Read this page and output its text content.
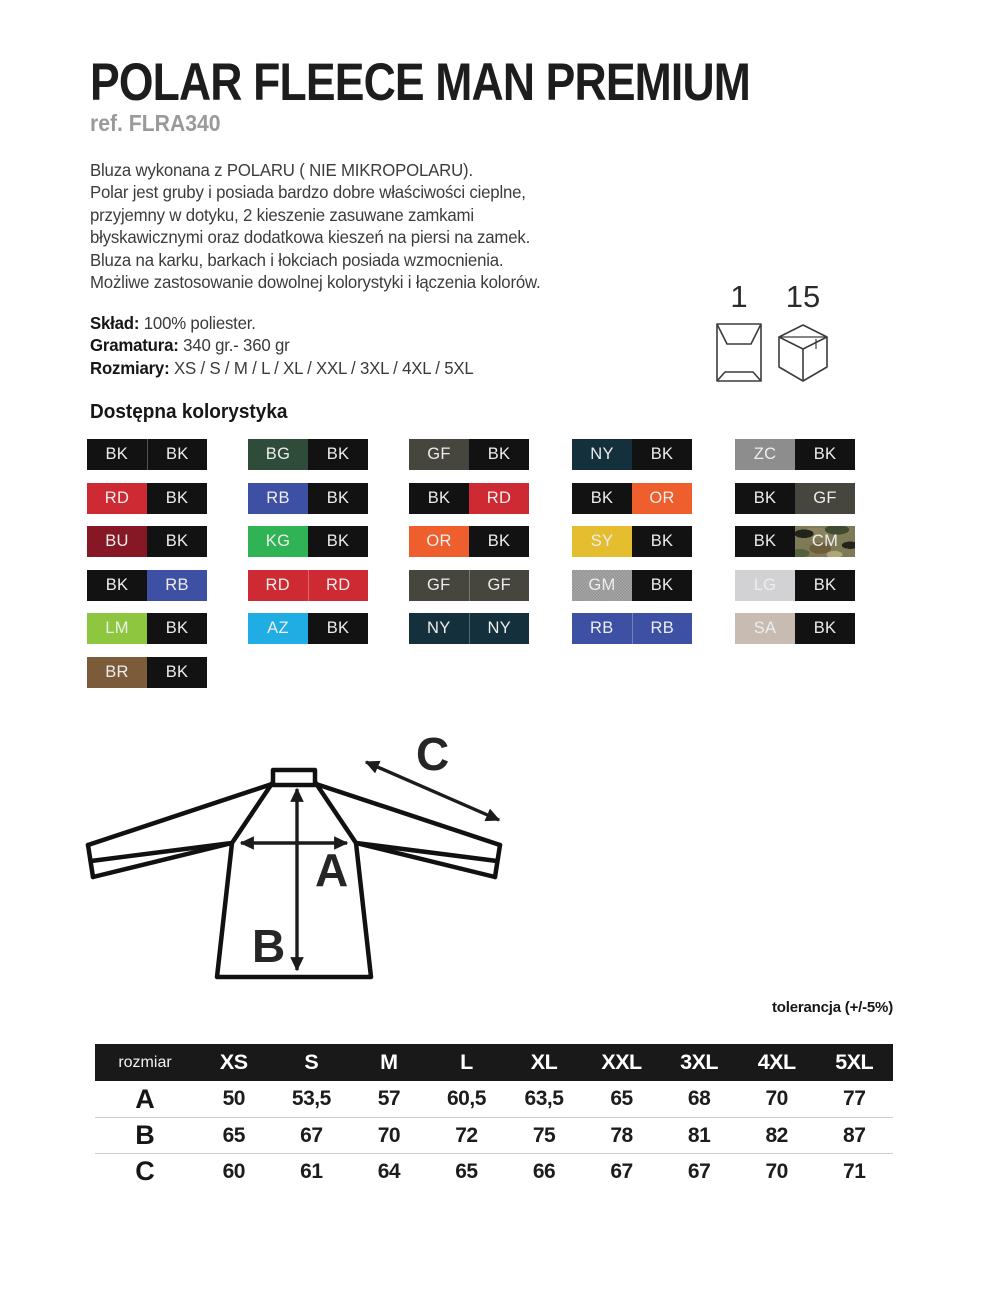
POLAR FLEECE MAN PREMIUM
ref. FLRA340
Bluza wykonana z POLARU ( NIE MIKROPOLARU).
Polar jest gruby i posiada bardzo dobre właściwości cieplne,
przyjemny w dotyku, 2 kieszenie zasuwane zamkami
błyskawicznymi oraz dodatkowa kieszeń na piersi na zamek.
Bluza na karku, barkach i łokciach posiada wzmocnienia.
Możliwe zastosowanie dowolnej kolorystyki i łączenia kolorów.
Skład: 100% poliester.
Gramatura: 340 gr.- 360 gr
Rozmiary: XS / S / M / L / XL / XXL / 3XL / 4XL / 5XL
1 15
Dostępna kolorystyka
BK BK
RD BK
BU BK
BK RB
LM BK
BR BK
BG BK
RB BK
KG BK
RD RD
AZ BK
GF BK
BK RD
OR BK
GF GF
NY NY
NY BK
BK OR
SY BK
GM BK
RB RB
ZC BK
BK GF
BK CM
LG BK
SA BK
A
B
C
tolerancja (+/-5%)
rozmiar	XS	S	M	L	XL	XXL	3XL	4XL	5XL
A	50	53,5	57	60,5	63,5	65	68	70	77
B	65	67	70	72	75	78	81	82	87
C	60	61	64	65	66	67	67	70	71
